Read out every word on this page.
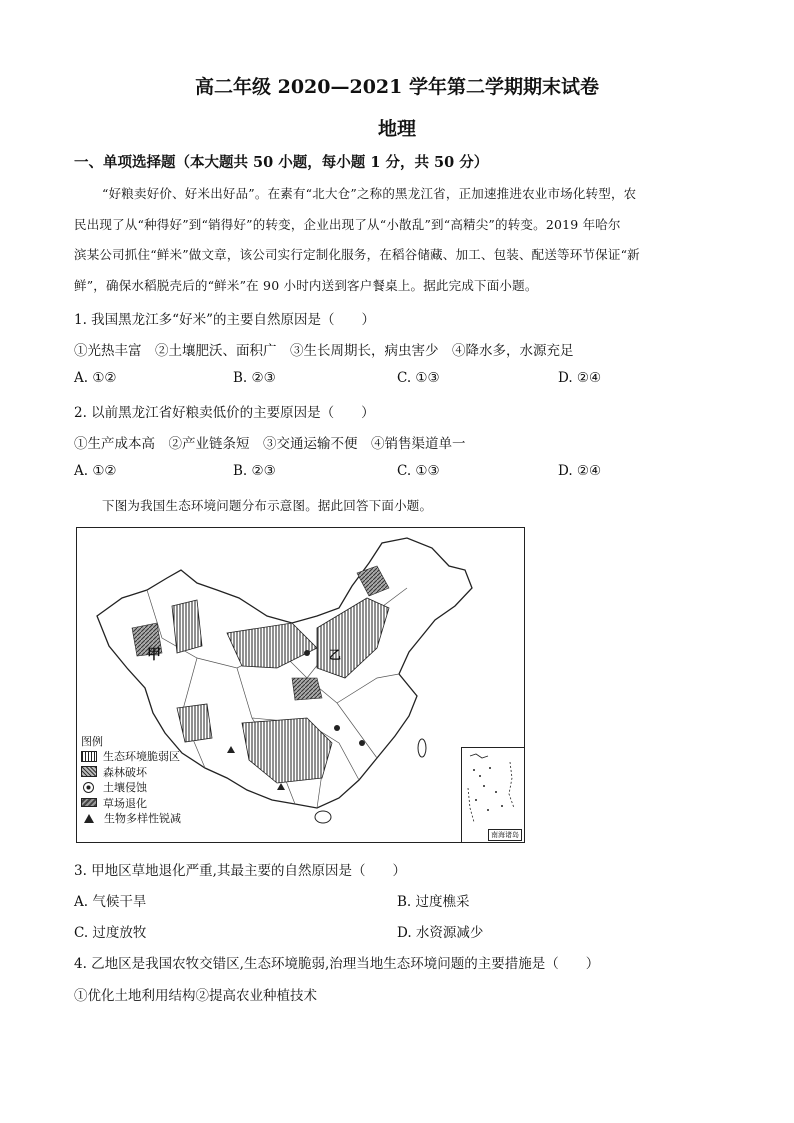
高二年级 2020—2021 学年第二学期期末试卷
地理
一、单项选择题（本大题共 50 小题，每小题 1 分，共 50 分）
“好粮卖好价、好米出好品”。在素有“北大仓”之称的黑龙江省，正加速推进农业市场化转型，农
民出现了从“种得好”到“销得好”的转变，企业出现了从“小散乱”到“高精尖”的转变。2019 年哈尔
滨某公司抓住“鲜米”做文章，该公司实行定制化服务，在稻谷储藏、加工、包装、配送等环节保证“新
鲜”，确保水稻脱壳后的“鲜米”在 90 小时内送到客户餐桌上。据此完成下面小题。
1. 我国黑龙江多“好米”的主要自然原因是（　　）
①光热丰富　②土壤肥沃、面积广　③生长周期长，病虫害少　④降水多，水源充足
A. ①②	B. ②③	C. ①③	D. ②④
2. 以前黑龙江省好粮卖低价的主要原因是（　　）
①生产成本高　②产业链条短　③交通运输不便　④销售渠道单一
A. ①②	B. ②③	C. ①③	D. ②④
下图为我国生态环境问题分布示意图。据此回答下面小题。
甲	乙
图例
生态环境脆弱区
森林破坏
土壤侵蚀
草场退化
生物多样性锐减
南海诸岛
3. 甲地区草地退化严重,其最主要的自然原因是（　　）
A. 气候干旱	B. 过度樵采
C. 过度放牧	D. 水资源减少
4. 乙地区是我国农牧交错区,生态环境脆弱,治理当地生态环境问题的主要措施是（　　）
①优化土地利用结构②提高农业种植技术
